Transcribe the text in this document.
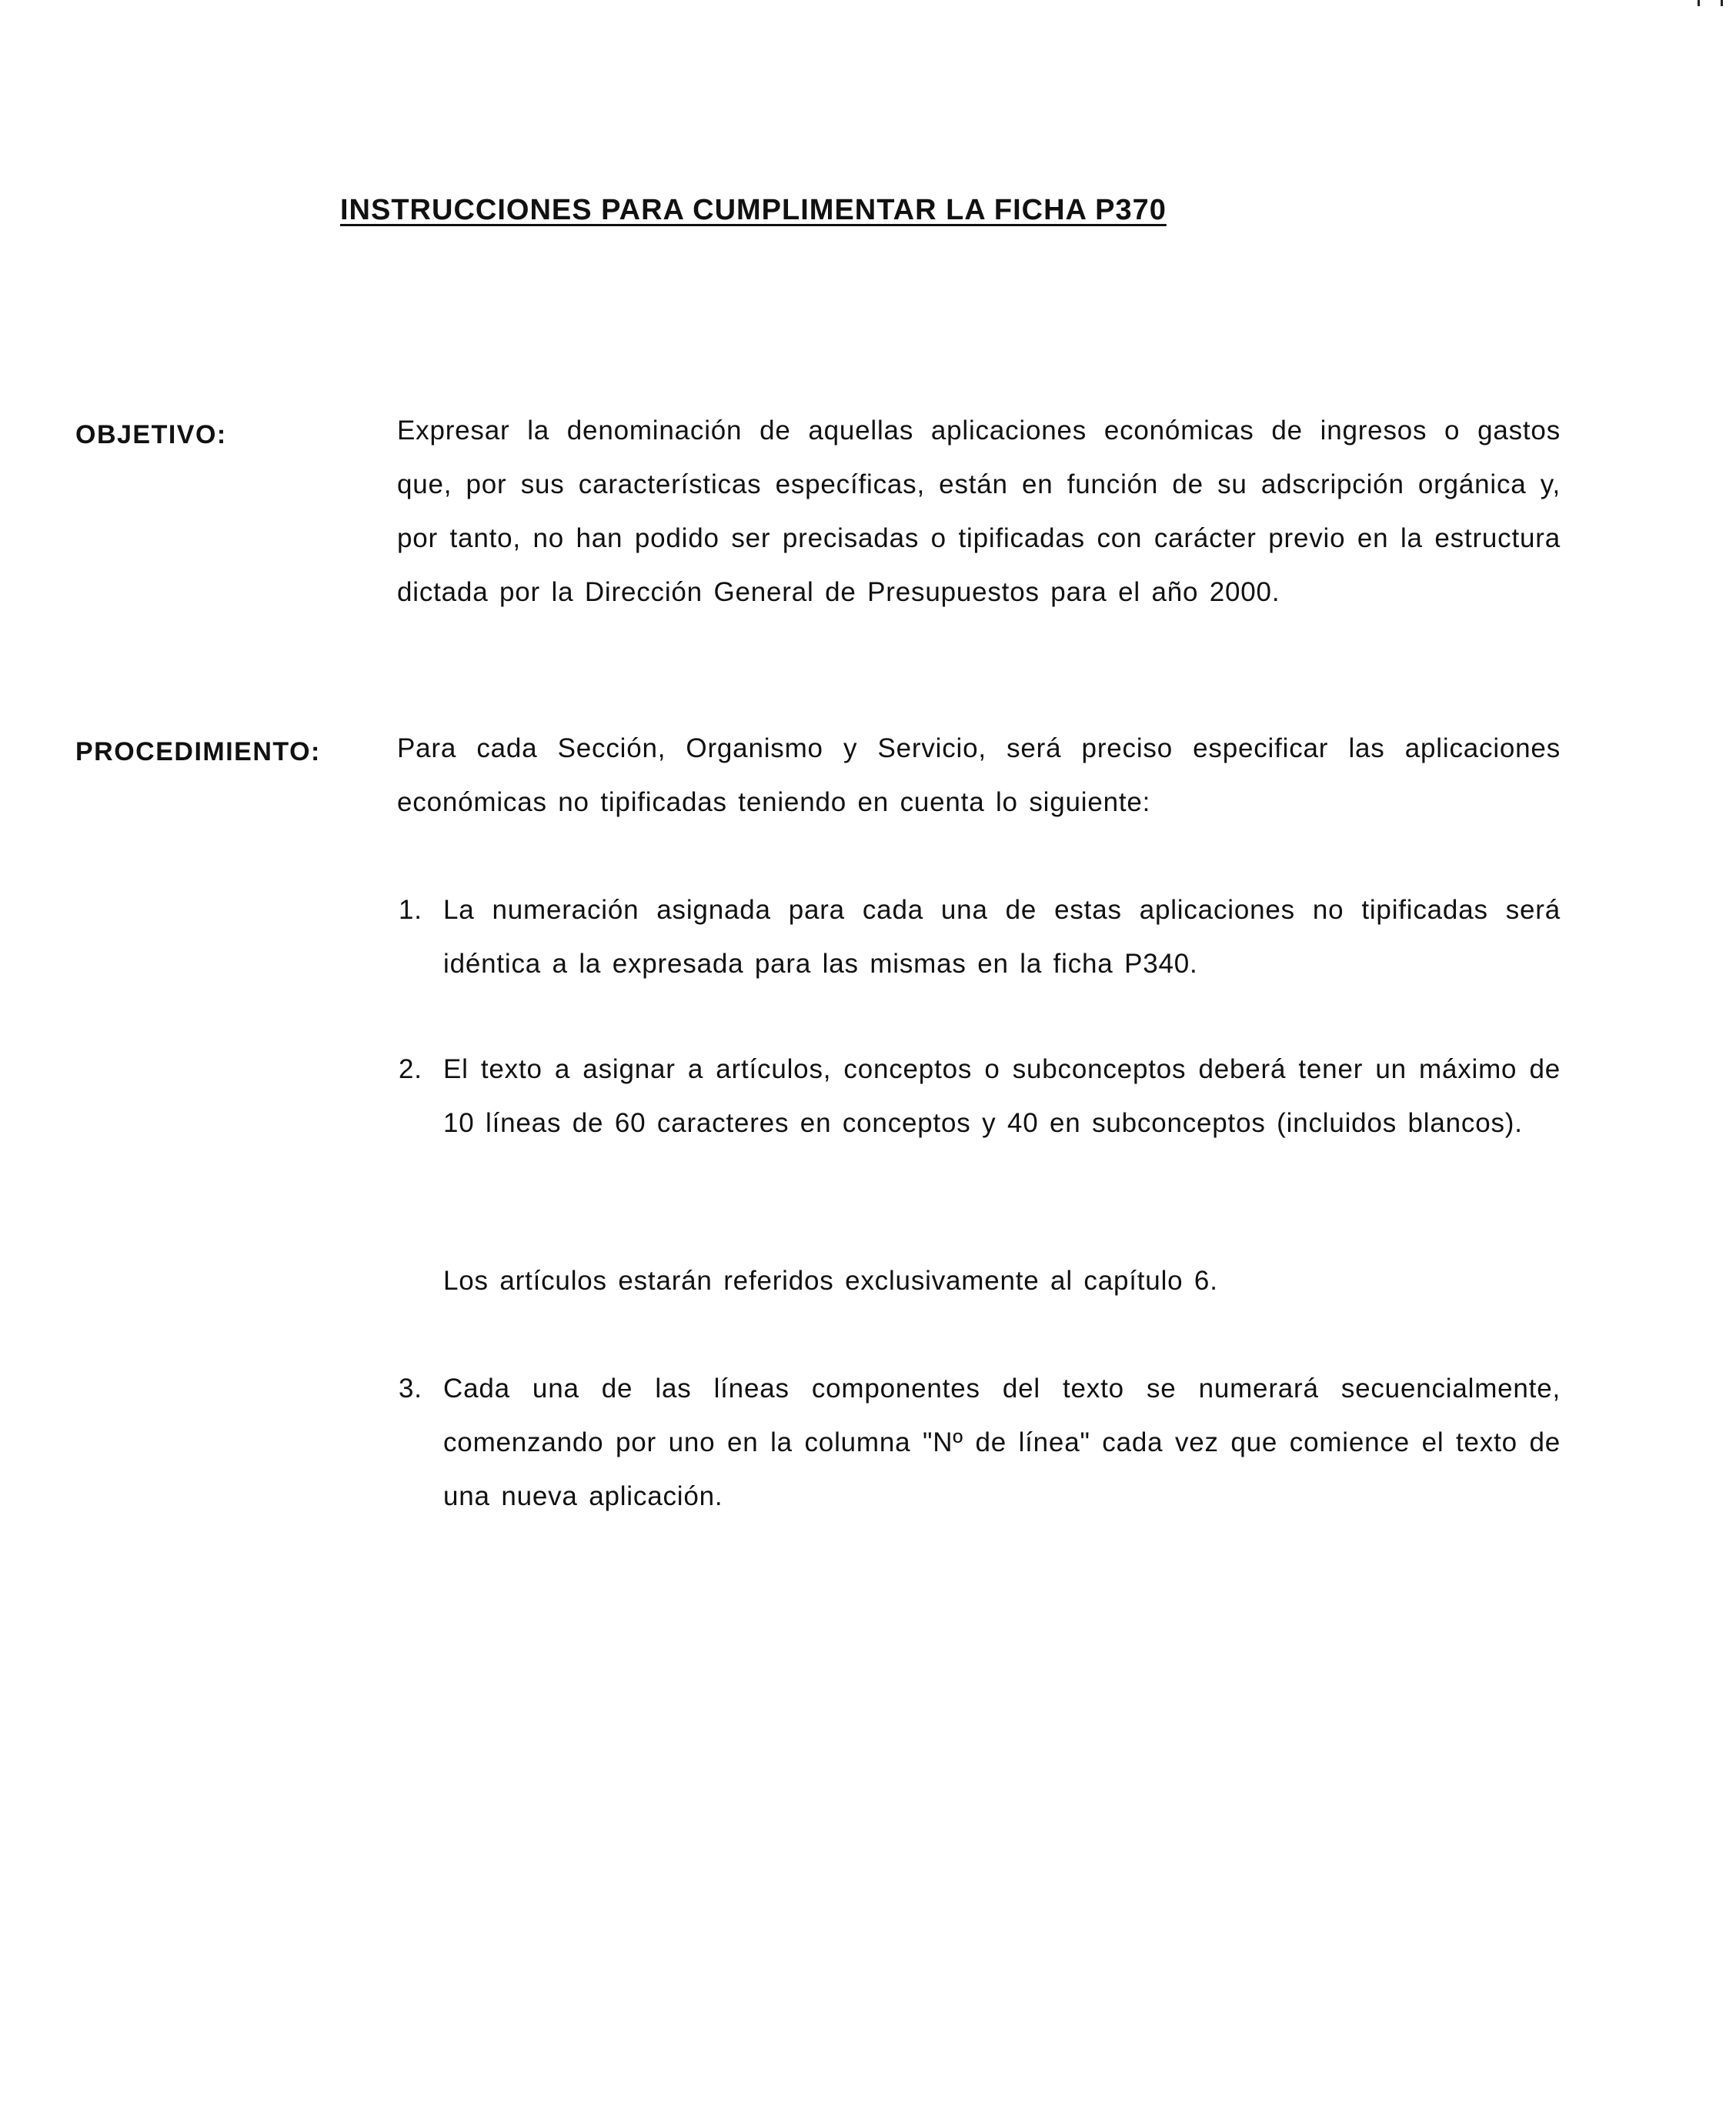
INSTRUCCIONES PARA CUMPLIMENTAR LA FICHA P370
OBJETIVO:	Expresar la denominación de aquellas aplicaciones económicas de ingresos o gastos que, por sus características específicas, están en función de su adscripción orgánica y, por tanto, no han podido ser precisadas o tipificadas con carácter previo en la estructura dictada por la Dirección General de Presupuestos para el año 2000.
PROCEDIMIENTO:	Para cada Sección, Organismo y Servicio, será preciso especificar las aplicaciones económicas no tipificadas teniendo en cuenta lo siguiente:
1. La numeración asignada para cada una de estas aplicaciones no tipificadas será idéntica a la expresada para las mismas en la ficha P340.
2. El texto a asignar a artículos, conceptos o subconceptos deberá tener un máximo de 10 líneas de 60 caracteres en conceptos y 40 en subconceptos (incluidos blancos).
Los artículos estarán referidos exclusivamente al capítulo 6.
3. Cada una de las líneas componentes del texto se numerará secuencialmente, comenzando por uno en la columna "Nº de línea" cada vez que comience el texto de una nueva aplicación.
